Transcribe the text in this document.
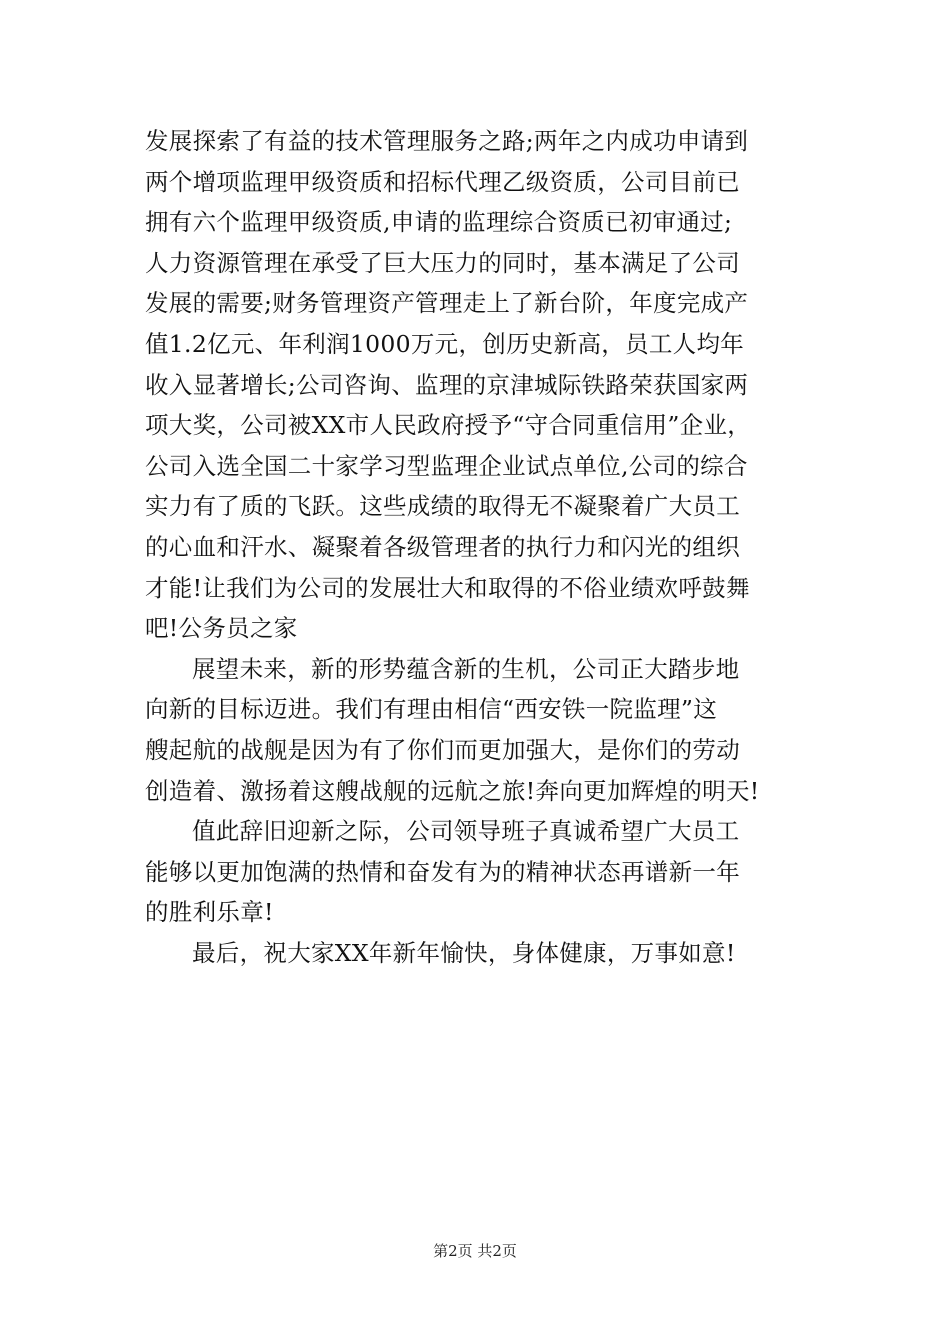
发展探索了有益的技术管理服务之路;两年之内成功申请到
两个增项监理甲级资质和招标代理乙级资质，公司目前已
拥有六个监理甲级资质,申请的监理综合资质已初审通过;
人力资源管理在承受了巨大压力的同时，基本满足了公司
发展的需要;财务管理资产管理走上了新台阶，年度完成产
值1.2亿元、年利润1000万元，创历史新高，员工人均年
收入显著增长;公司咨询、监理的京津城际铁路荣获国家两
项大奖，公司被XX市人民政府授予“守合同重信用”企业，
公司入选全国二十家学习型监理企业试点单位,公司的综合
实力有了质的飞跃。这些成绩的取得无不凝聚着广大员工
的心血和汗水、凝聚着各级管理者的执行力和闪光的组织
才能!让我们为公司的发展壮大和取得的不俗业绩欢呼鼓舞
吧!公务员之家

展望未来，新的形势蕴含新的生机，公司正大踏步地
向新的目标迈进。我们有理由相信“西安铁一院监理”这
艘起航的战舰是因为有了你们而更加强大，是你们的劳动
创造着、激扬着这艘战舰的远航之旅!奔向更加辉煌的明天!

值此辞旧迎新之际，公司领导班子真诚希望广大员工
能够以更加饱满的热情和奋发有为的精神状态再谱新一年
的胜利乐章!

最后，祝大家XX年新年愉快，身体健康，万事如意!

第2页 共2页
